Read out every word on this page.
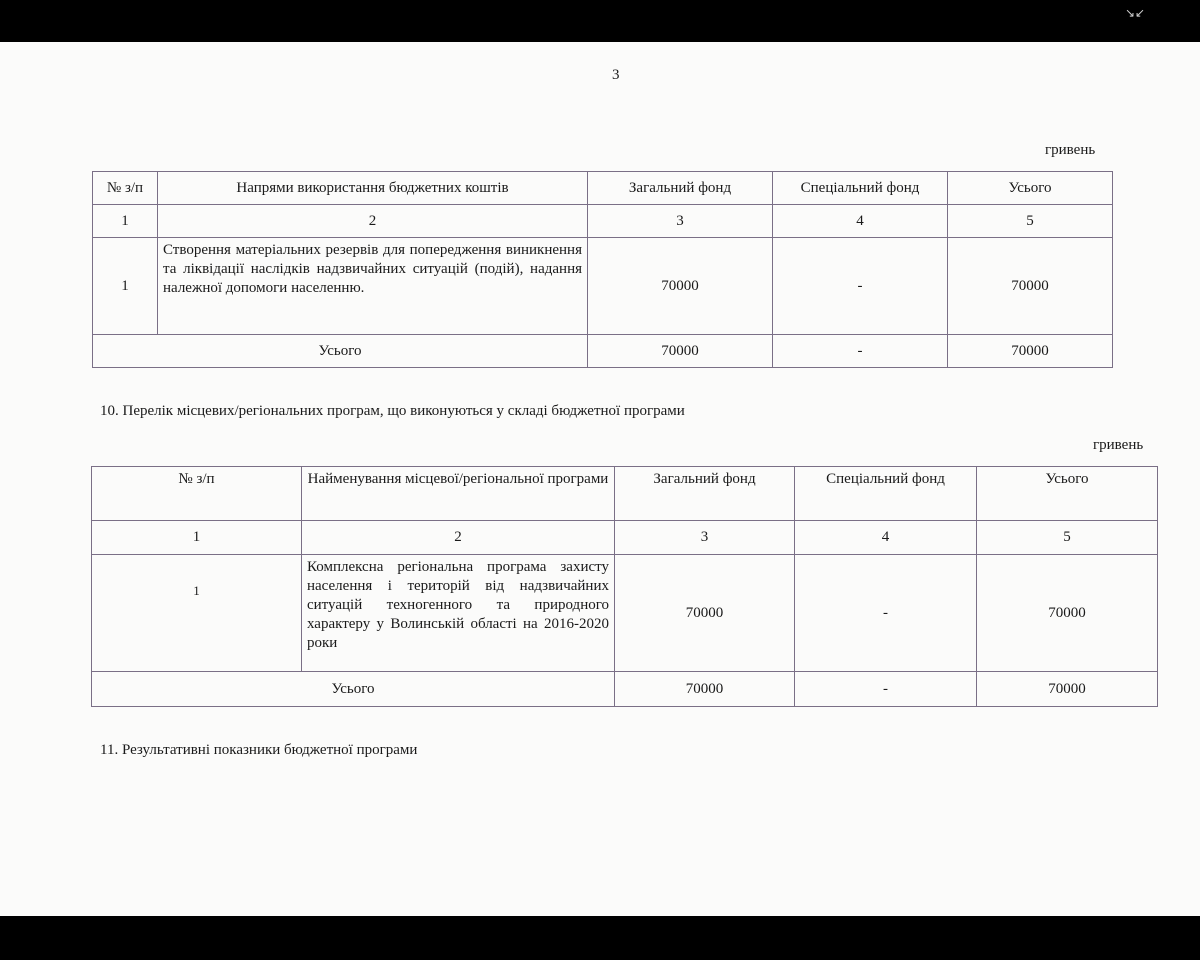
↘↙
3
гривень
№ з/п	Напрями використання бюджетних коштів	Загальний фонд	Спеціальний фонд	Усього
1	2	3	4	5
1	Створення матеріальних резервів для попередження виникнення та ліквідації наслідків надзвичайних ситуацій (подій), надання належної допомоги населенню.	70000	-	70000
Усього		70000	-	70000
10. Перелік місцевих/регіональних програм, що виконуються у складі бюджетної програми
гривень
№ з/п	Найменування місцевої/регіональної програми	Загальний фонд	Спеціальний фонд	Усього
1	2	3	4	5
1	Комплексна регіональна програма захисту населення і територій від надзвичайних ситуацій техногенного та природного характеру у Волинській області на 2016-2020 роки	70000	-	70000
Усього		70000	-	70000
11. Результативні показники бюджетної програми
